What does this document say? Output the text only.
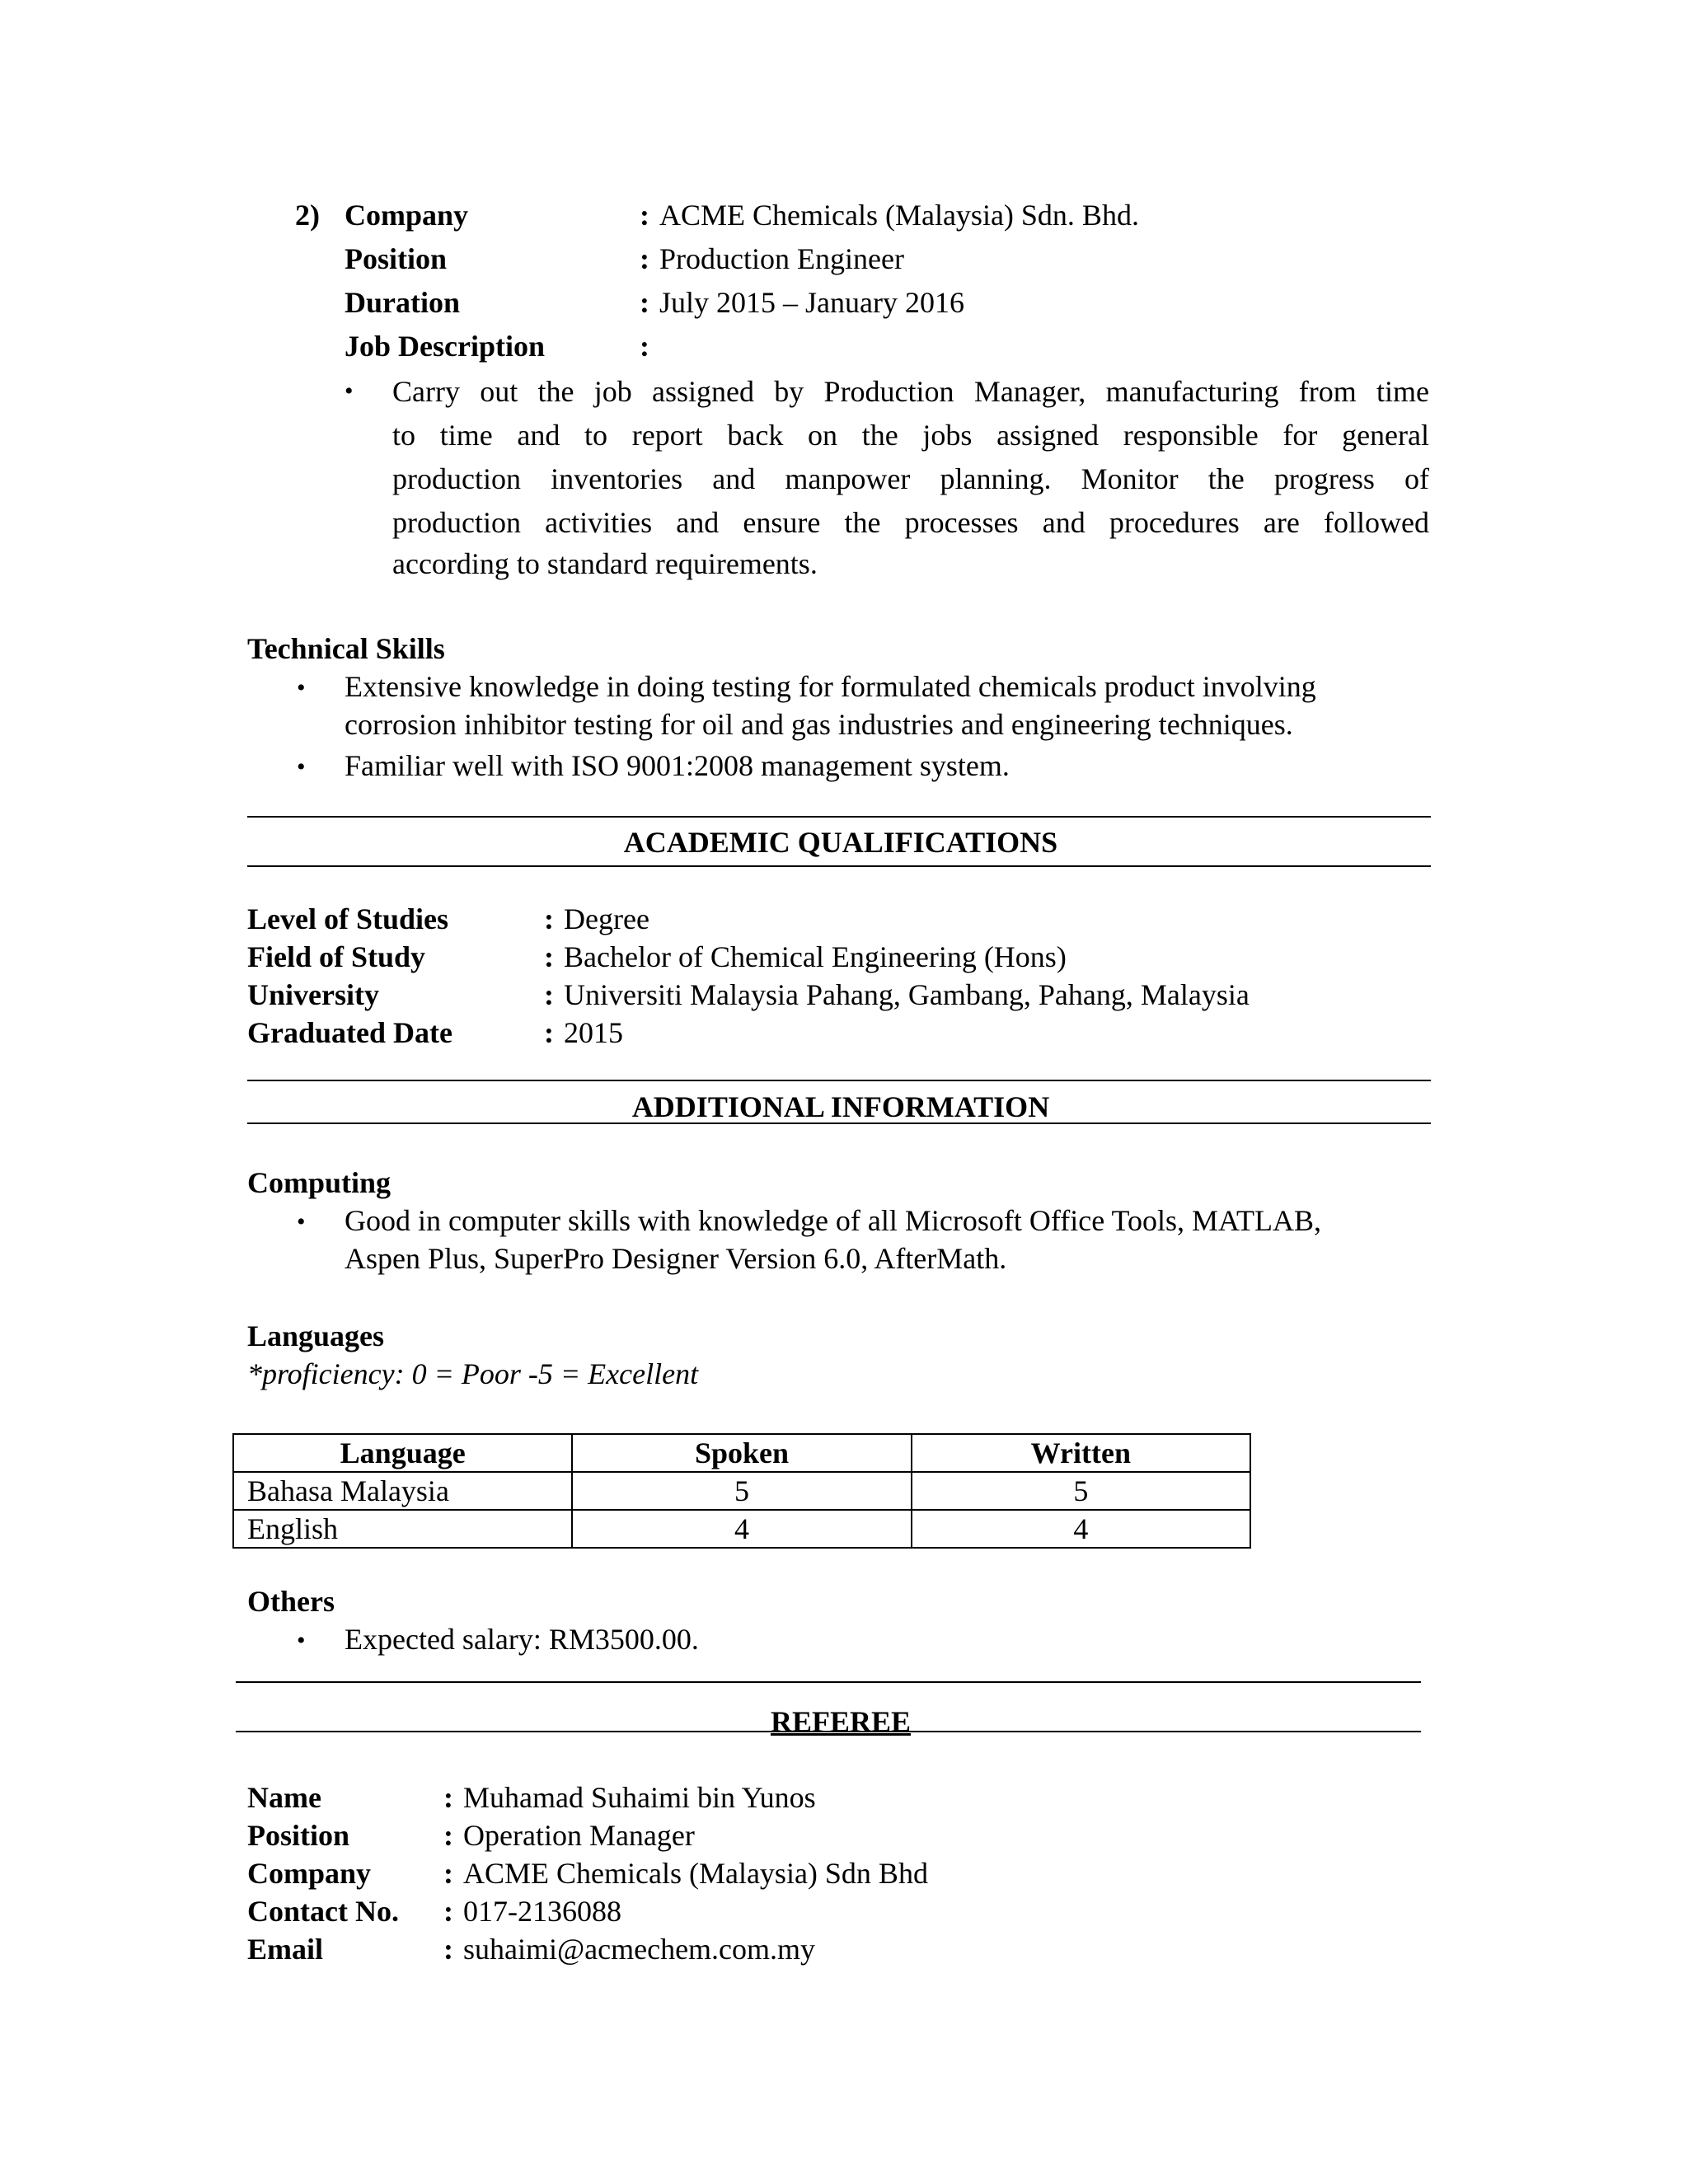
2) Company	: ACME Chemicals (Malaysia) Sdn. Bhd.
Position	: Production Engineer
Duration	: July 2015 – January 2016
Job Description	:
• Carry out the job assigned by Production Manager, manufacturing from time
to time and to report back on the jobs assigned responsible for general
production inventories and manpower planning. Monitor the progress of
production activities and ensure the processes and procedures are followed
according to standard requirements.
Technical Skills
• Extensive knowledge in doing testing for formulated chemicals product involving
corrosion inhibitor testing for oil and gas industries and engineering techniques.
• Familiar well with ISO 9001:2008 management system.
ACADEMIC QUALIFICATIONS
Level of Studies	: Degree
Field of Study	: Bachelor of Chemical Engineering (Hons)
University	: Universiti Malaysia Pahang, Gambang, Pahang, Malaysia
Graduated Date	: 2015
ADDITIONAL INFORMATION
Computing
• Good in computer skills with knowledge of all Microsoft Office Tools, MATLAB,
Aspen Plus, SuperPro Designer Version 6.0, AfterMath.
Languages
*proficiency: 0 = Poor -5 = Excellent
Language	Spoken	Written
Bahasa Malaysia	5	5
English	4	4
Others
• Expected salary: RM3500.00.
REFEREE
Name	: Muhamad Suhaimi bin Yunos
Position	: Operation Manager
Company : ACME Chemicals (Malaysia) Sdn Bhd
Contact No. : 017-2136088
Email	: suhaimi@acmechem.com.my
